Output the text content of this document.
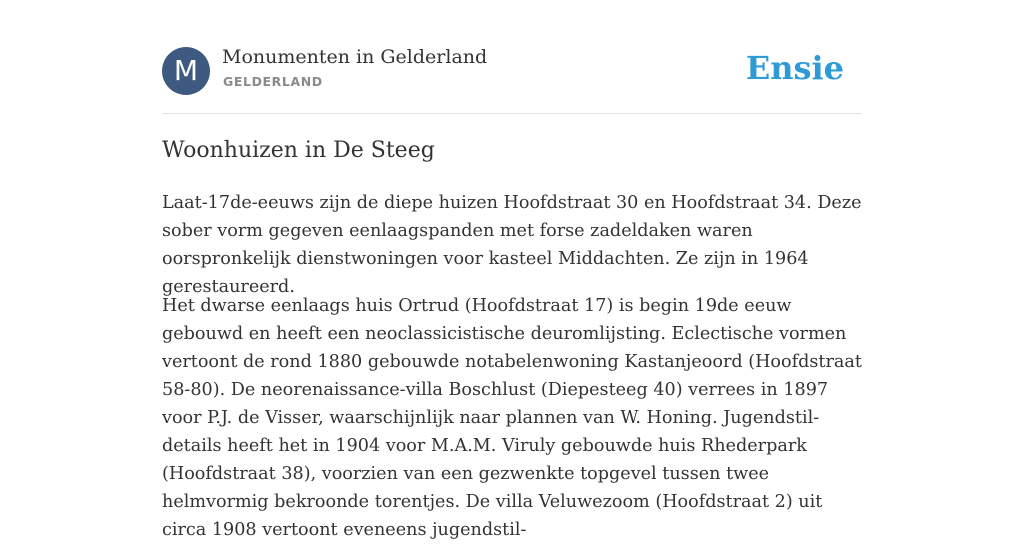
M	Monumenten in Gelderland
GELDERLAND	Ensie
Woonhuizen in De Steeg

Laat-17de-eeuws zijn de diepe huizen Hoofdstraat 30 en Hoofdstraat 34. Deze sober vorm gegeven eenlaagspanden met forse zadeldaken waren oorspronkelijk dienstwoningen voor kasteel Middachten. Ze zijn in 1964 gerestaureerd.

Het dwarse eenlaags huis Ortrud (Hoofdstraat 17) is begin 19de eeuw gebouwd en heeft een neoclassicistische deuromlijsting. Eclectische vormen vertoont de rond 1880 gebouwde notabelenwoning Kastanjeoord (Hoofdstraat 58-80). De neorenaissance-villa Boschlust (Diepesteeg 40) verrees in 1897 voor P.J. de Visser, waarschijnlijk naar plannen van W. Honing. Jugendstil-details heeft het in 1904 voor M.A.M. Viruly gebouwde huis Rhederpark (Hoofdstraat 38), voorzien van een gezwenkte topgevel tussen twee helmvormig bekroonde torentjes. De villa Veluwezoom (Hoofdstraat 2) uit circa 1908 vertoont eveneens jugendstil-
